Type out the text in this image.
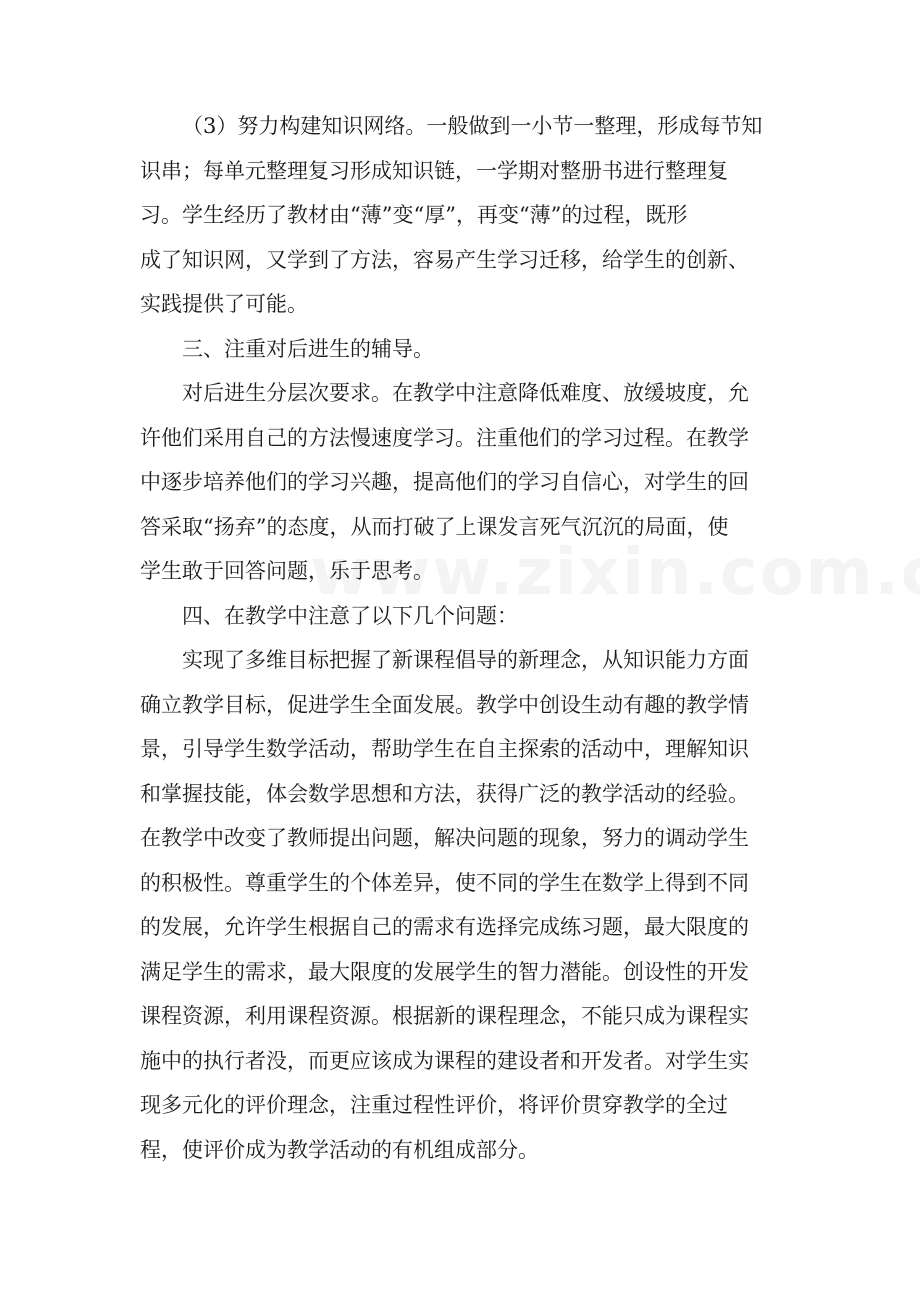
（3）努力构建知识网络。一般做到一小节一整理，形成每节知
识串；每单元整理复习形成知识链，一学期对整册书进行整理复
习。学生经历了教材由“薄”变“厚”，再变“薄”的过程，既形
成了知识网，又学到了方法，容易产生学习迁移，给学生的创新、
实践提供了可能。

三、注重对后进生的辅导。

对后进生分层次要求。在教学中注意降低难度、放缓坡度，允
许他们采用自己的方法慢速度学习。注重他们的学习过程。在教学
中逐步培养他们的学习兴趣，提高他们的学习自信心，对学生的回
答采取“扬弃”的态度，从而打破了上课发言死气沉沉的局面，使
学生敢于回答问题，乐于思考。

四、在教学中注意了以下几个问题：

实现了多维目标把握了新课程倡导的新理念，从知识能力方面
确立教学目标，促进学生全面发展。教学中创设生动有趣的教学情
景，引导学生数学活动，帮助学生在自主探索的活动中，理解知识
和掌握技能，体会数学思想和方法，获得广泛的教学活动的经验。
在教学中改变了教师提出问题，解决问题的现象，努力的调动学生
的积极性。尊重学生的个体差异，使不同的学生在数学上得到不同
的发展，允许学生根据自己的需求有选择完成练习题，最大限度的
满足学生的需求，最大限度的发展学生的智力潜能。创设性的开发
课程资源，利用课程资源。根据新的课程理念，不能只成为课程实
施中的执行者没，而更应该成为课程的建设者和开发者。对学生实
现多元化的评价理念，注重过程性评价，将评价贯穿教学的全过
程，使评价成为教学活动的有机组成部分。
